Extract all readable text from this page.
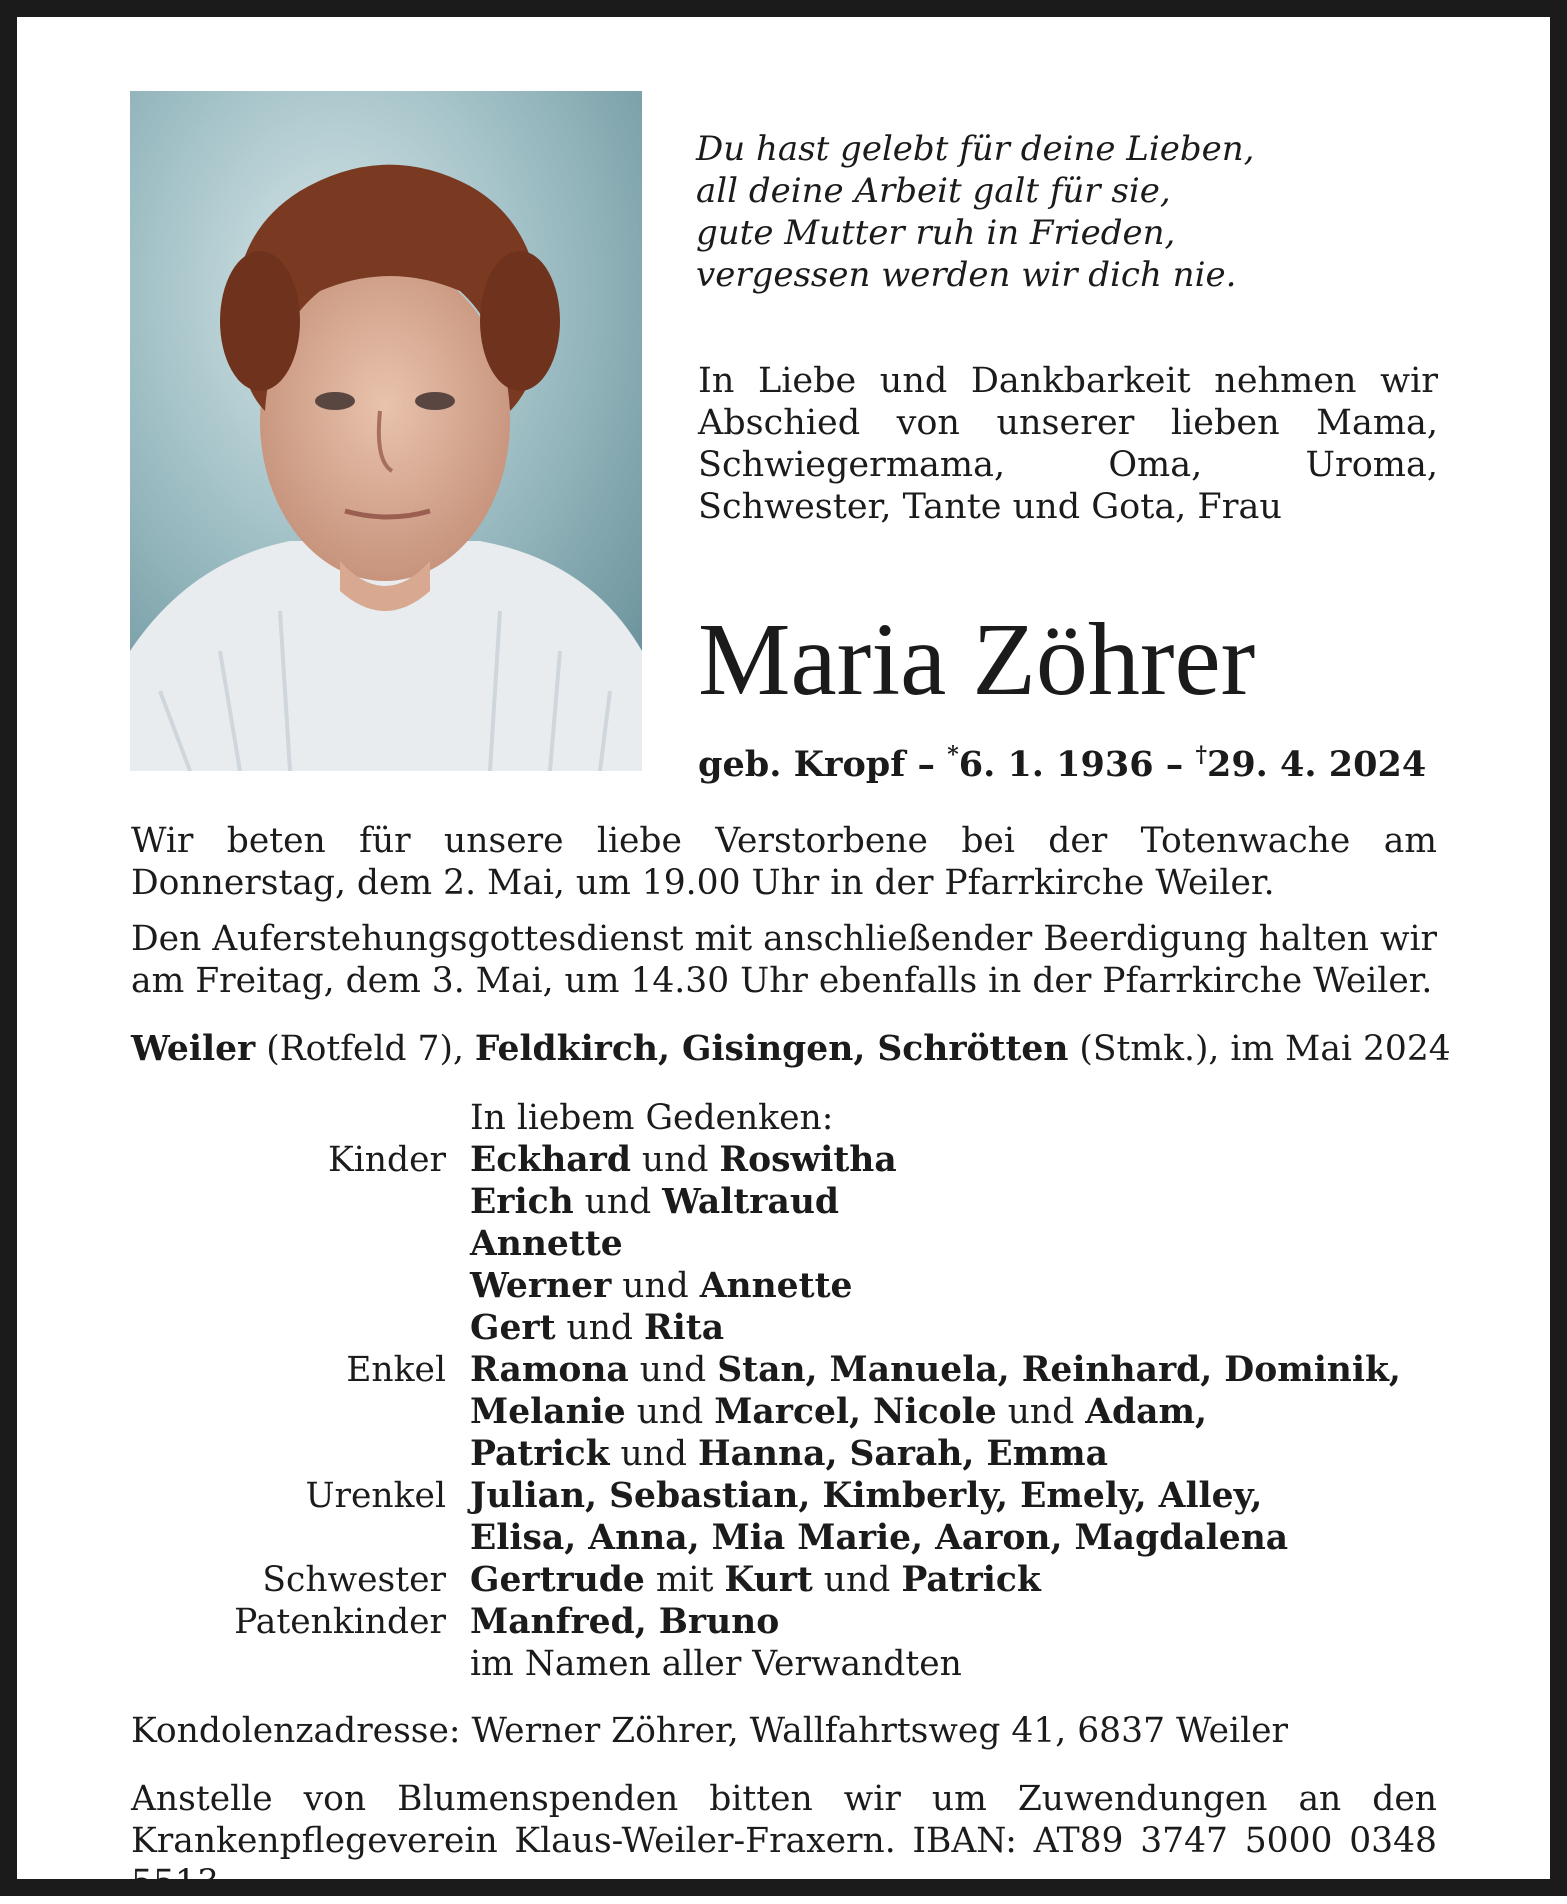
Du hast gelebt für deine Lieben,
all deine Arbeit galt für sie,
gute Mutter ruh in Frieden,
vergessen werden wir dich nie.
In Liebe und Dankbarkeit nehmen wir Abschied von unserer lieben Mama, Schwiegermama, Oma, Uroma, Schwester, Tante und Gota, Frau
Maria Zöhrer
geb. Kropf – *6. 1. 1936 – †29. 4. 2024
Wir beten für unsere liebe Verstorbene bei der Totenwache am Donnerstag, dem 2. Mai, um 19.00 Uhr in der Pfarrkirche Weiler.
Den Auferstehungsgottesdienst mit anschließender Beerdigung halten wir am Freitag, dem 3. Mai, um 14.30 Uhr ebenfalls in der Pfarrkirche Weiler.
Weiler (Rotfeld 7), Feldkirch, Gisingen, Schrötten (Stmk.), im Mai 2024
In liebem Gedenken:
Kinder Eckhard und Roswitha
Erich und Waltraud
Annette
Werner und Annette
Gert und Rita
Enkel Ramona und Stan, Manuela, Reinhard, Dominik,
Melanie und Marcel, Nicole und Adam,
Patrick und Hanna, Sarah, Emma
Urenkel Julian, Sebastian, Kimberly, Emely, Alley,
Elisa, Anna, Mia Marie, Aaron, Magdalena
Schwester Gertrude mit Kurt und Patrick
Patenkinder Manfred, Bruno
im Namen aller Verwandten
Kondolenzadresse: Werner Zöhrer, Wallfahrtsweg 41, 6837 Weiler
Anstelle von Blumenspenden bitten wir um Zuwendungen an den Krankenpflegeverein Klaus-Weiler-Fraxern. IBAN: AT89 3747 5000 0348 5513
